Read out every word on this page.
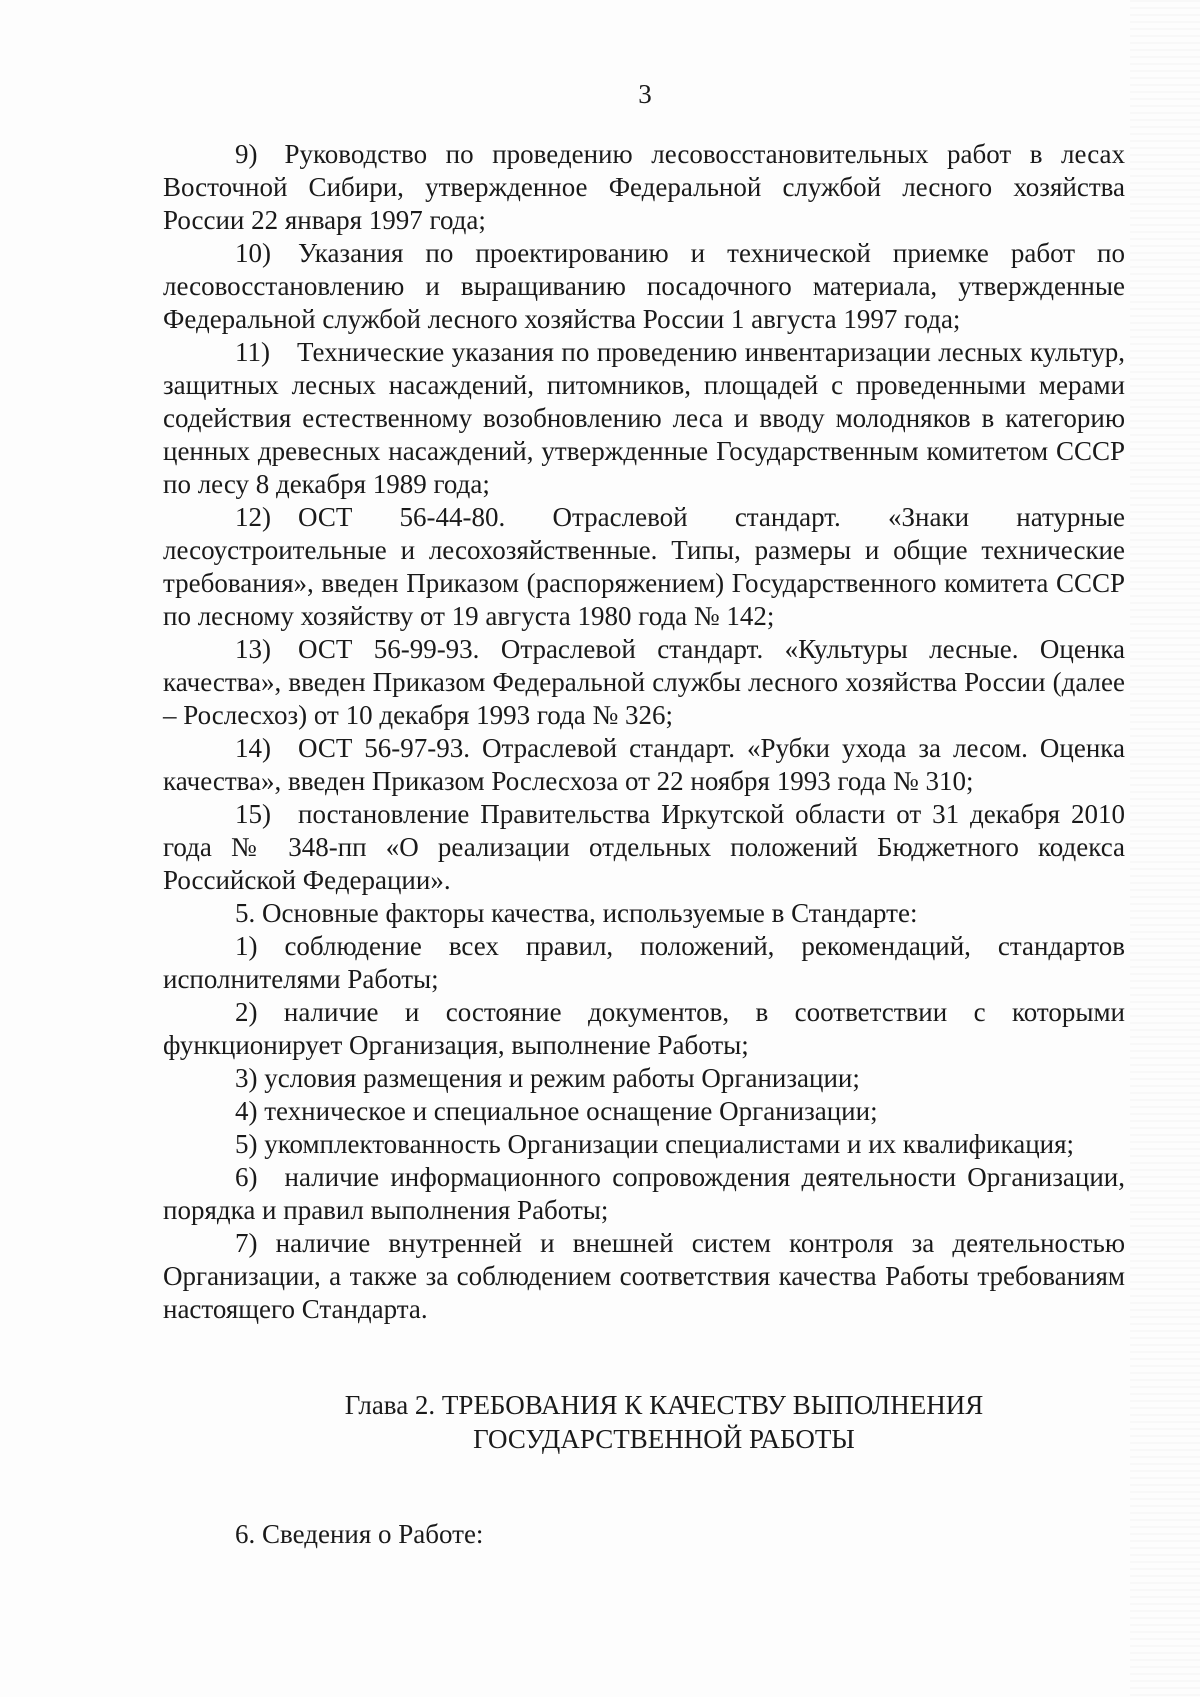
3

9) Руководство по проведению лесовосстановительных работ в лесах Восточной Сибири, утвержденное Федеральной службой лесного хозяйства России 22 января 1997 года;

10) Указания по проектированию и технической приемке работ по лесовосстановлению и выращиванию посадочного материала, утвержденные Федеральной службой лесного хозяйства России 1 августа 1997 года;

11) Технические указания по проведению инвентаризации лесных культур, защитных лесных насаждений, питомников, площадей с проведенными мерами содействия естественному возобновлению леса и вводу молодняков в категорию ценных древесных насаждений, утвержденные Государственным комитетом СССР по лесу 8 декабря 1989 года;

12) ОСТ 56-44-80. Отраслевой стандарт. «Знаки натурные лесоустроительные и лесохозяйственные. Типы, размеры и общие технические требования», введен Приказом (распоряжением) Государственного комитета СССР по лесному хозяйству от 19 августа 1980 года № 142;

13) ОСТ 56-99-93. Отраслевой стандарт. «Культуры лесные. Оценка качества», введен Приказом Федеральной службы лесного хозяйства России (далее – Рослесхоз) от 10 декабря 1993 года № 326;

14) ОСТ 56-97-93. Отраслевой стандарт. «Рубки ухода за лесом. Оценка качества», введен Приказом Рослесхоза от 22 ноября 1993 года № 310;

15) постановление Правительства Иркутской области от 31 декабря 2010 года № 348-пп «О реализации отдельных положений Бюджетного кодекса Российской Федерации».

5. Основные факторы качества, используемые в Стандарте:

1) соблюдение всех правил, положений, рекомендаций, стандартов исполнителями Работы;

2) наличие и состояние документов, в соответствии с которыми функционирует Организация, выполнение Работы;

3) условия размещения и режим работы Организации;

4) техническое и специальное оснащение Организации;

5) укомплектованность Организации специалистами и их квалификация;

6) наличие информационного сопровождения деятельности Организации, порядка и правил выполнения Работы;

7) наличие внутренней и внешней систем контроля за деятельностью Организации, а также за соблюдением соответствия качества Работы требованиям настоящего Стандарта.

Глава 2. ТРЕБОВАНИЯ К КАЧЕСТВУ ВЫПОЛНЕНИЯ
ГОСУДАРСТВЕННОЙ РАБОТЫ

6. Сведения о Работе:
